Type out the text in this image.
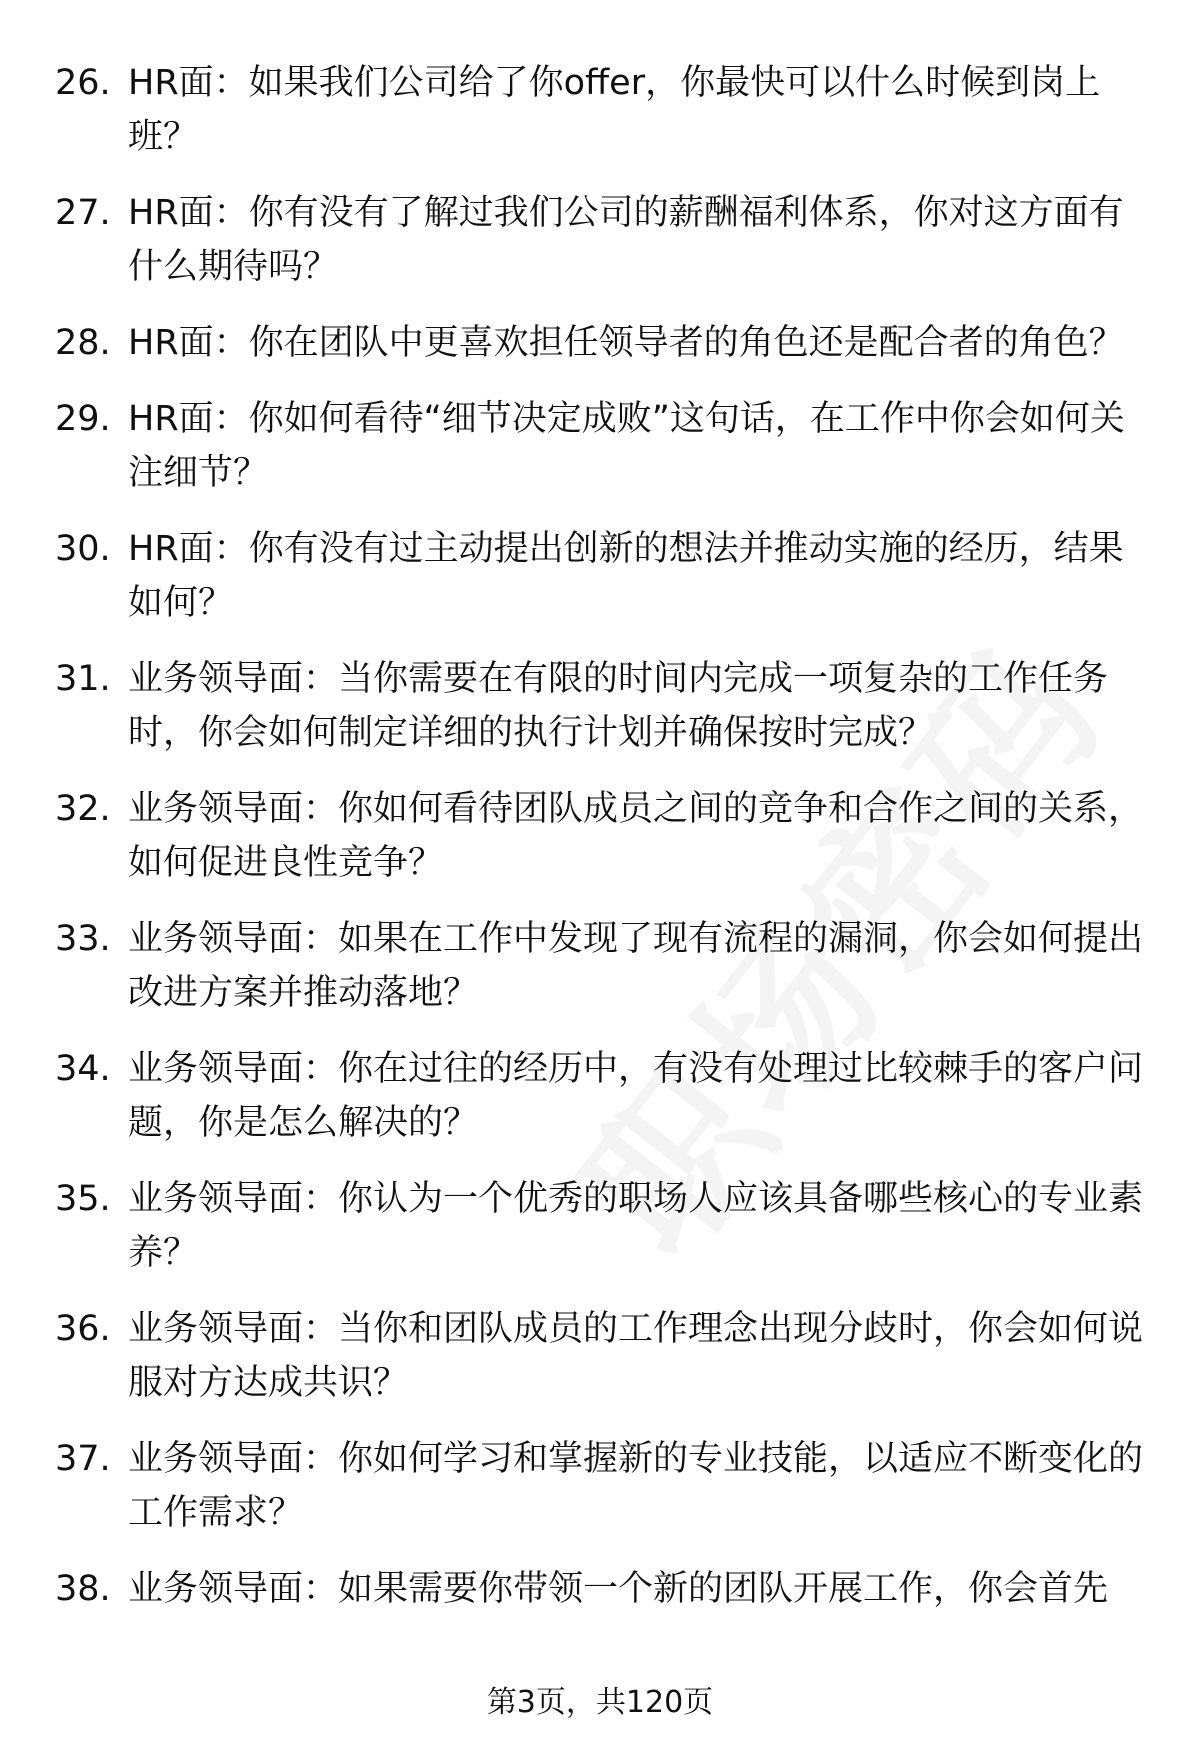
26. HR面：如果我们公司给了你offer，你最快可以什么时候到岗上班？
27. HR面：你有没有了解过我们公司的薪酬福利体系，你对这方面有什么期待吗？
28. HR面：你在团队中更喜欢担任领导者的角色还是配合者的角色？
29. HR面：你如何看待“细节决定成败”这句话，在工作中你会如何关注细节？
30. HR面：你有没有过主动提出创新的想法并推动实施的经历，结果如何？
31. 业务领导面：当你需要在有限的时间内完成一项复杂的工作任务时，你会如何制定详细的执行计划并确保按时完成？
32. 业务领导面：你如何看待团队成员之间的竞争和合作之间的关系，如何促进良性竞争？
33. 业务领导面：如果在工作中发现了现有流程的漏洞，你会如何提出改进方案并推动落地？
34. 业务领导面：你在过往的经历中，有没有处理过比较棘手的客户问题，你是怎么解决的？
35. 业务领导面：你认为一个优秀的职场人应该具备哪些核心的专业素养？
36. 业务领导面：当你和团队成员的工作理念出现分歧时，你会如何说服对方达成共识？
37. 业务领导面：你如何学习和掌握新的专业技能，以适应不断变化的工作需求？
38. 业务领导面：如果需要你带领一个新的团队开展工作，你会首先
第3页，共120页
